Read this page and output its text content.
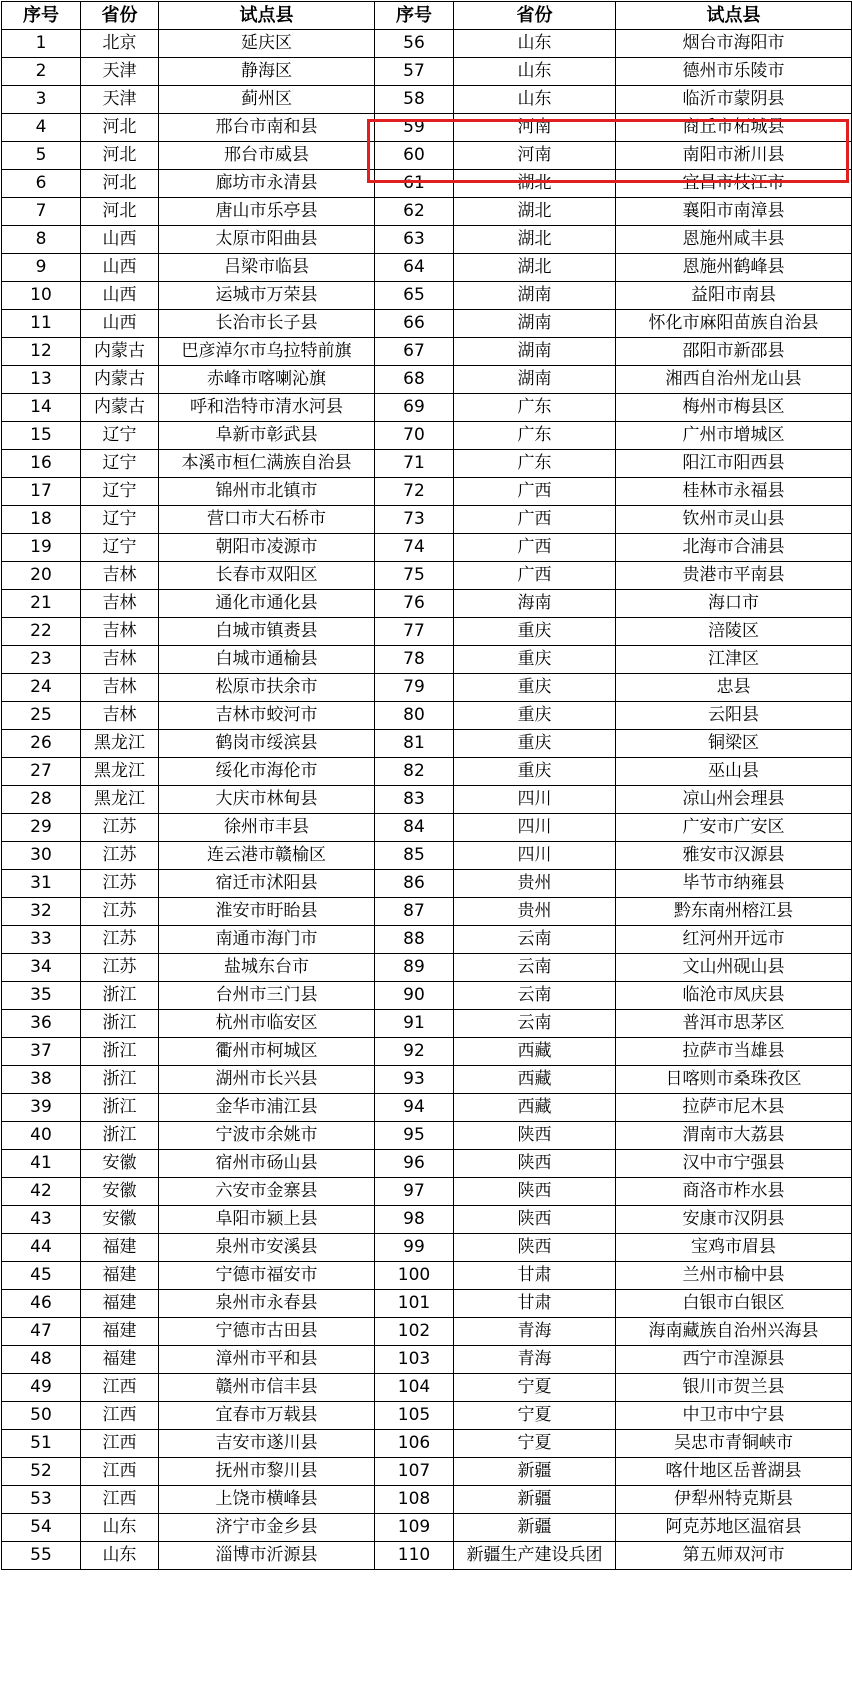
序号	省份	试点县	序号	省份	试点县
1	北京	延庆区	56	山东	烟台市海阳市
2	天津	静海区	57	山东	德州市乐陵市
3	天津	蓟州区	58	山东	临沂市蒙阴县
4	河北	邢台市南和县	59	河南	商丘市柘城县
5	河北	邢台市威县	60	河南	南阳市淅川县
6	河北	廊坊市永清县	61	湖北	宜昌市枝江市
7	河北	唐山市乐亭县	62	湖北	襄阳市南漳县
8	山西	太原市阳曲县	63	湖北	恩施州咸丰县
9	山西	吕梁市临县	64	湖北	恩施州鹤峰县
10	山西	运城市万荣县	65	湖南	益阳市南县
11	山西	长治市长子县	66	湖南	怀化市麻阳苗族自治县
12	内蒙古	巴彦淖尔市乌拉特前旗	67	湖南	邵阳市新邵县
13	内蒙古	赤峰市喀喇沁旗	68	湖南	湘西自治州龙山县
14	内蒙古	呼和浩特市清水河县	69	广东	梅州市梅县区
15	辽宁	阜新市彰武县	70	广东	广州市增城区
16	辽宁	本溪市桓仁满族自治县	71	广东	阳江市阳西县
17	辽宁	锦州市北镇市	72	广西	桂林市永福县
18	辽宁	营口市大石桥市	73	广西	钦州市灵山县
19	辽宁	朝阳市凌源市	74	广西	北海市合浦县
20	吉林	长春市双阳区	75	广西	贵港市平南县
21	吉林	通化市通化县	76	海南	海口市
22	吉林	白城市镇赉县	77	重庆	涪陵区
23	吉林	白城市通榆县	78	重庆	江津区
24	吉林	松原市扶余市	79	重庆	忠县
25	吉林	吉林市蛟河市	80	重庆	云阳县
26	黑龙江	鹤岗市绥滨县	81	重庆	铜梁区
27	黑龙江	绥化市海伦市	82	重庆	巫山县
28	黑龙江	大庆市林甸县	83	四川	凉山州会理县
29	江苏	徐州市丰县	84	四川	广安市广安区
30	江苏	连云港市赣榆区	85	四川	雅安市汉源县
31	江苏	宿迁市沭阳县	86	贵州	毕节市纳雍县
32	江苏	淮安市盱眙县	87	贵州	黔东南州榕江县
33	江苏	南通市海门市	88	云南	红河州开远市
34	江苏	盐城东台市	89	云南	文山州砚山县
35	浙江	台州市三门县	90	云南	临沧市凤庆县
36	浙江	杭州市临安区	91	云南	普洱市思茅区
37	浙江	衢州市柯城区	92	西藏	拉萨市当雄县
38	浙江	湖州市长兴县	93	西藏	日喀则市桑珠孜区
39	浙江	金华市浦江县	94	西藏	拉萨市尼木县
40	浙江	宁波市余姚市	95	陕西	渭南市大荔县
41	安徽	宿州市砀山县	96	陕西	汉中市宁强县
42	安徽	六安市金寨县	97	陕西	商洛市柞水县
43	安徽	阜阳市颍上县	98	陕西	安康市汉阴县
44	福建	泉州市安溪县	99	陕西	宝鸡市眉县
45	福建	宁德市福安市	100	甘肃	兰州市榆中县
46	福建	泉州市永春县	101	甘肃	白银市白银区
47	福建	宁德市古田县	102	青海	海南藏族自治州兴海县
48	福建	漳州市平和县	103	青海	西宁市湟源县
49	江西	赣州市信丰县	104	宁夏	银川市贺兰县
50	江西	宜春市万载县	105	宁夏	中卫市中宁县
51	江西	吉安市遂川县	106	宁夏	吴忠市青铜峡市
52	江西	抚州市黎川县	107	新疆	喀什地区岳普湖县
53	江西	上饶市横峰县	108	新疆	伊犁州特克斯县
54	山东	济宁市金乡县	109	新疆	阿克苏地区温宿县
55	山东	淄博市沂源县	110	新疆生产建设兵团	第五师双河市
